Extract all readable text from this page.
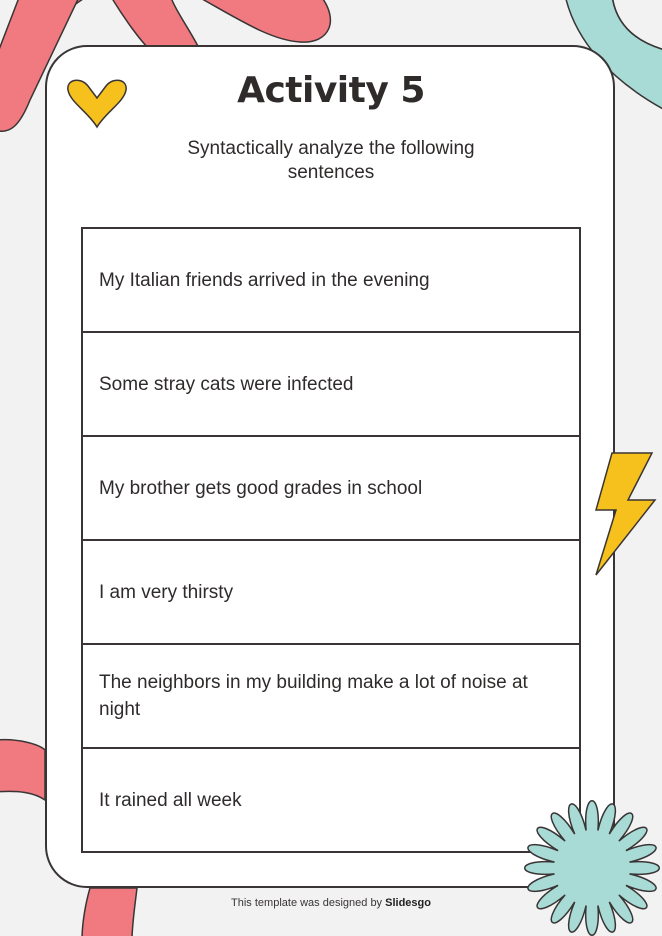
Activity 5
Syntactically analyze the following sentences
My Italian friends arrived in the evening
Some stray cats were infected
My brother gets good grades in school
I am very thirsty
The neighbors in my building make a lot of noise at night
It rained all week
This template was designed by Slidesgo
